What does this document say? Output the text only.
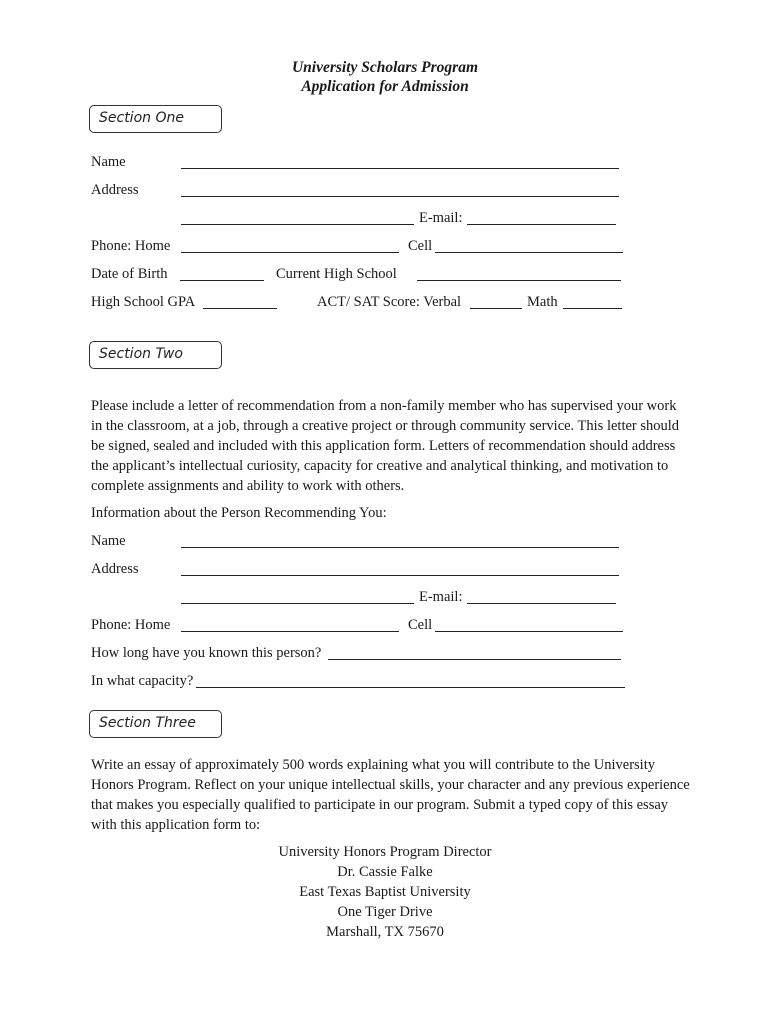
University Scholars Program
Application for Admission
Section One
Name
Address
E-mail:
Phone: Home	Cell
Date of Birth	Current High School
High School GPA	ACT/ SAT Score: Verbal	Math
Section Two
Please include a letter of recommendation from a non-family member who has supervised your work in the classroom, at a job, through a creative project or through community service. This letter should be signed, sealed and included with this application form. Letters of recommendation should address the applicant’s intellectual curiosity, capacity for creative and analytical thinking, and motivation to complete assignments and ability to work with others.
Information about the Person Recommending You:
Name
Address
E-mail:
Phone: Home	Cell
How long have you known this person?
In what capacity?
Section Three
Write an essay of approximately 500 words explaining what you will contribute to the University Honors Program. Reflect on your unique intellectual skills, your character and any previous experience that makes you especially qualified to participate in our program. Submit a typed copy of this essay with this application form to:
University Honors Program Director
Dr. Cassie Falke
East Texas Baptist University
One Tiger Drive
Marshall, TX 75670
